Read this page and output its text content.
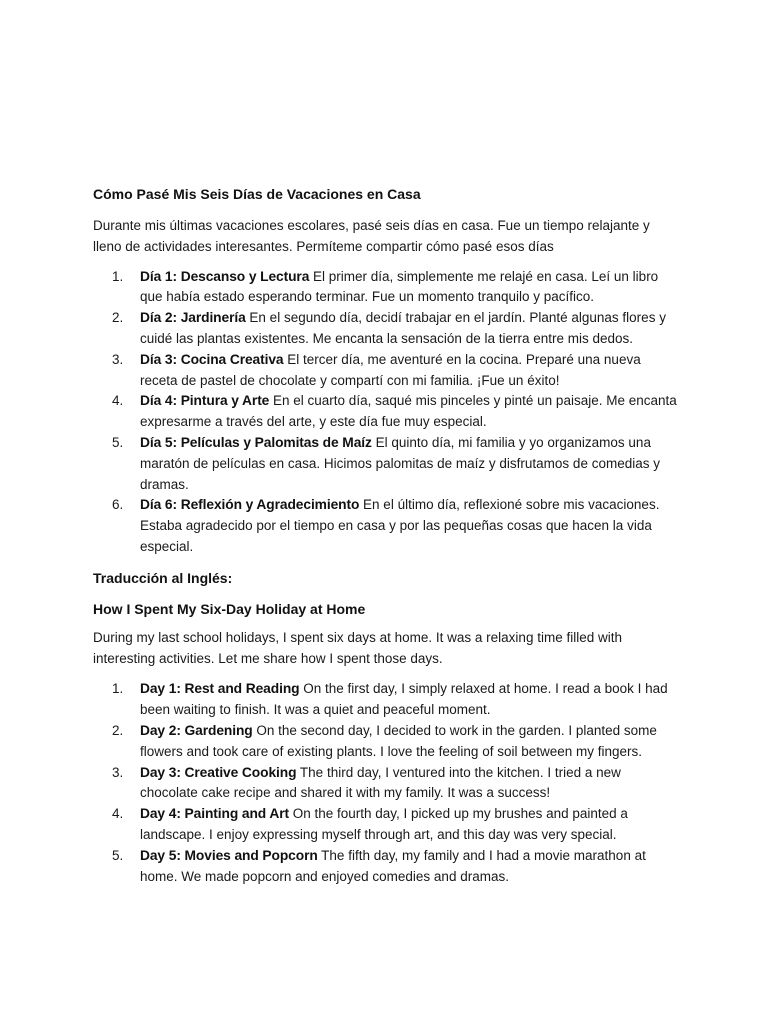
Cómo Pasé Mis Seis Días de Vacaciones en Casa

Durante mis últimas vacaciones escolares, pasé seis días en casa. Fue un tiempo relajante y lleno de actividades interesantes. Permíteme compartir cómo pasé esos días

1. Día 1: Descanso y Lectura El primer día, simplemente me relajé en casa. Leí un libro que había estado esperando terminar. Fue un momento tranquilo y pacífico.
2. Día 2: Jardinería En el segundo día, decidí trabajar en el jardín. Planté algunas flores y cuidé las plantas existentes. Me encanta la sensación de la tierra entre mis dedos.
3. Día 3: Cocina Creativa El tercer día, me aventuré en la cocina. Preparé una nueva receta de pastel de chocolate y compartí con mi familia. ¡Fue un éxito!
4. Día 4: Pintura y Arte En el cuarto día, saqué mis pinceles y pinté un paisaje. Me encanta expresarme a través del arte, y este día fue muy especial.
5. Día 5: Películas y Palomitas de Maíz El quinto día, mi familia y yo organizamos una maratón de películas en casa. Hicimos palomitas de maíz y disfrutamos de comedias y dramas.
6. Día 6: Reflexión y Agradecimiento En el último día, reflexioné sobre mis vacaciones. Estaba agradecido por el tiempo en casa y por las pequeñas cosas que hacen la vida especial.

Traducción al Inglés:

How I Spent My Six-Day Holiday at Home

During my last school holidays, I spent six days at home. It was a relaxing time filled with interesting activities. Let me share how I spent those days.

1. Day 1: Rest and Reading On the first day, I simply relaxed at home. I read a book I had been waiting to finish. It was a quiet and peaceful moment.
2. Day 2: Gardening On the second day, I decided to work in the garden. I planted some flowers and took care of existing plants. I love the feeling of soil between my fingers.
3. Day 3: Creative Cooking The third day, I ventured into the kitchen. I tried a new chocolate cake recipe and shared it with my family. It was a success!
4. Day 4: Painting and Art On the fourth day, I picked up my brushes and painted a landscape. I enjoy expressing myself through art, and this day was very special.
5. Day 5: Movies and Popcorn The fifth day, my family and I had a movie marathon at home. We made popcorn and enjoyed comedies and dramas.
